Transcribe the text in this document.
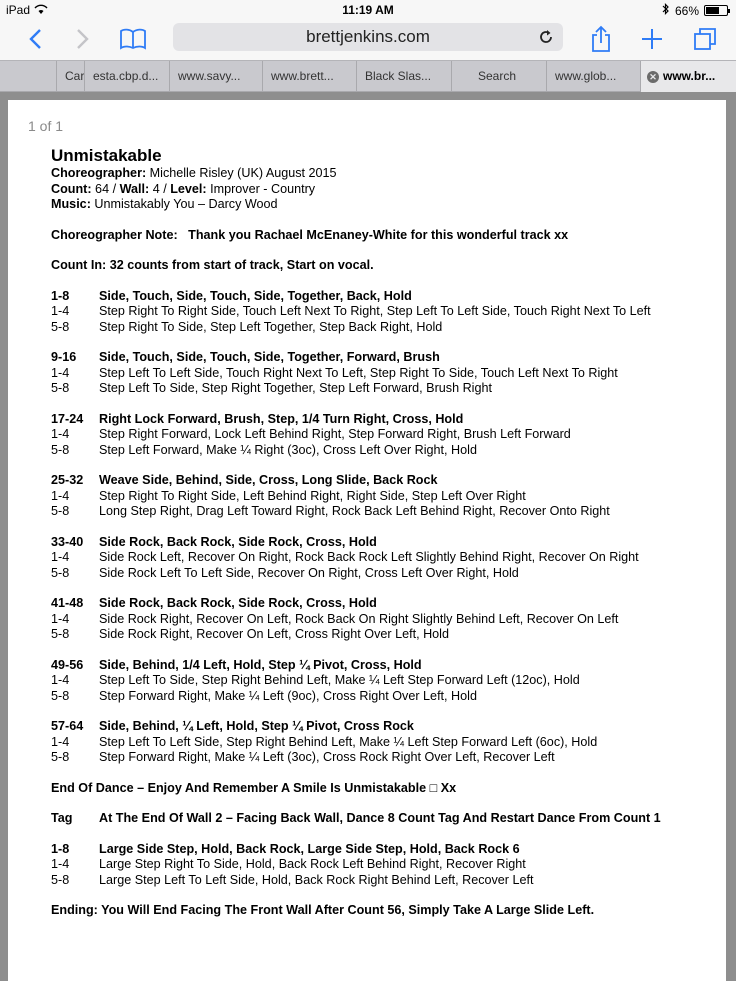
iPad	11:19 AM	66%
brettjenkins.com
Car esta.cbp.d...	www.savy...	www.brett...	Black Slas...	Search	www.glob...	✕ www.br...
1 of 1
Unmistakable
Choreographer: Michelle Risley (UK) August 2015
Count: 64 / Wall: 4 / Level: Improver - Country
Music: Unmistakably You – Darcy Wood
Choreographer Note:   Thank you Rachael McEnaney-White for this wonderful track xx
Count In: 32 counts from start of track, Start on vocal.
1-8	Side, Touch, Side, Touch, Side, Together, Back, Hold
1-4	Step Right To Right Side, Touch Left Next To Right, Step Left To Left Side, Touch Right Next To Left
5-8	Step Right To Side, Step Left Together, Step Back Right, Hold
9-16	Side, Touch, Side, Touch, Side, Together, Forward, Brush
1-4	Step Left To Left Side, Touch Right Next To Left, Step Right To Side, Touch Left Next To Right
5-8	Step Left To Side, Step Right Together, Step Left Forward, Brush Right
17-24	Right Lock Forward, Brush, Step, 1/4 Turn Right, Cross, Hold
1-4	Step Right Forward, Lock Left Behind Right, Step Forward Right, Brush Left Forward
5-8	Step Left Forward, Make ¼ Right (3oc), Cross Left Over Right, Hold
25-32	Weave Side, Behind, Side, Cross, Long Slide, Back Rock
1-4	Step Right To Right Side, Left Behind Right, Right Side, Step Left Over Right
5-8	Long Step Right, Drag Left Toward Right, Rock Back Left Behind Right, Recover Onto Right
33-40	Side Rock, Back Rock, Side Rock, Cross, Hold
1-4	Side Rock Left, Recover On Right, Rock Back Rock Left Slightly Behind Right, Recover On Right
5-8	Side Rock Left To Left Side, Recover On Right, Cross Left Over Right, Hold
41-48	Side Rock, Back Rock, Side Rock, Cross, Hold
1-4	Side Rock Right, Recover On Left, Rock Back On Right Slightly Behind Left, Recover On Left
5-8	Side Rock Right, Recover On Left, Cross Right Over Left, Hold
49-56	Side, Behind, 1/4 Left, Hold, Step ¼ Pivot, Cross, Hold
1-4	Step Left To Side, Step Right Behind Left, Make ¼ Left Step Forward Left (12oc), Hold
5-8	Step Forward Right, Make ¼ Left (9oc), Cross Right Over Left, Hold
57-64	Side, Behind, ¼ Left, Hold, Step ¼ Pivot, Cross Rock
1-4	Step Left To Left Side, Step Right Behind Left, Make ¼ Left Step Forward Left (6oc), Hold
5-8	Step Forward Right, Make ¼ Left (3oc), Cross Rock Right Over Left, Recover Left
End Of Dance – Enjoy And Remember A Smile Is Unmistakable □ Xx
Tag	At The End Of Wall 2 – Facing Back Wall, Dance 8 Count Tag And Restart Dance From Count 1
1-8	Large Side Step, Hold, Back Rock, Large Side Step, Hold, Back Rock 6
1-4	Large Step Right To Side, Hold, Back Rock Left Behind Right, Recover Right
5-8	Large Step Left To Left Side, Hold, Back Rock Right Behind Left, Recover Left
Ending: You Will End Facing The Front Wall After Count 56, Simply Take A Large Slide Left.
